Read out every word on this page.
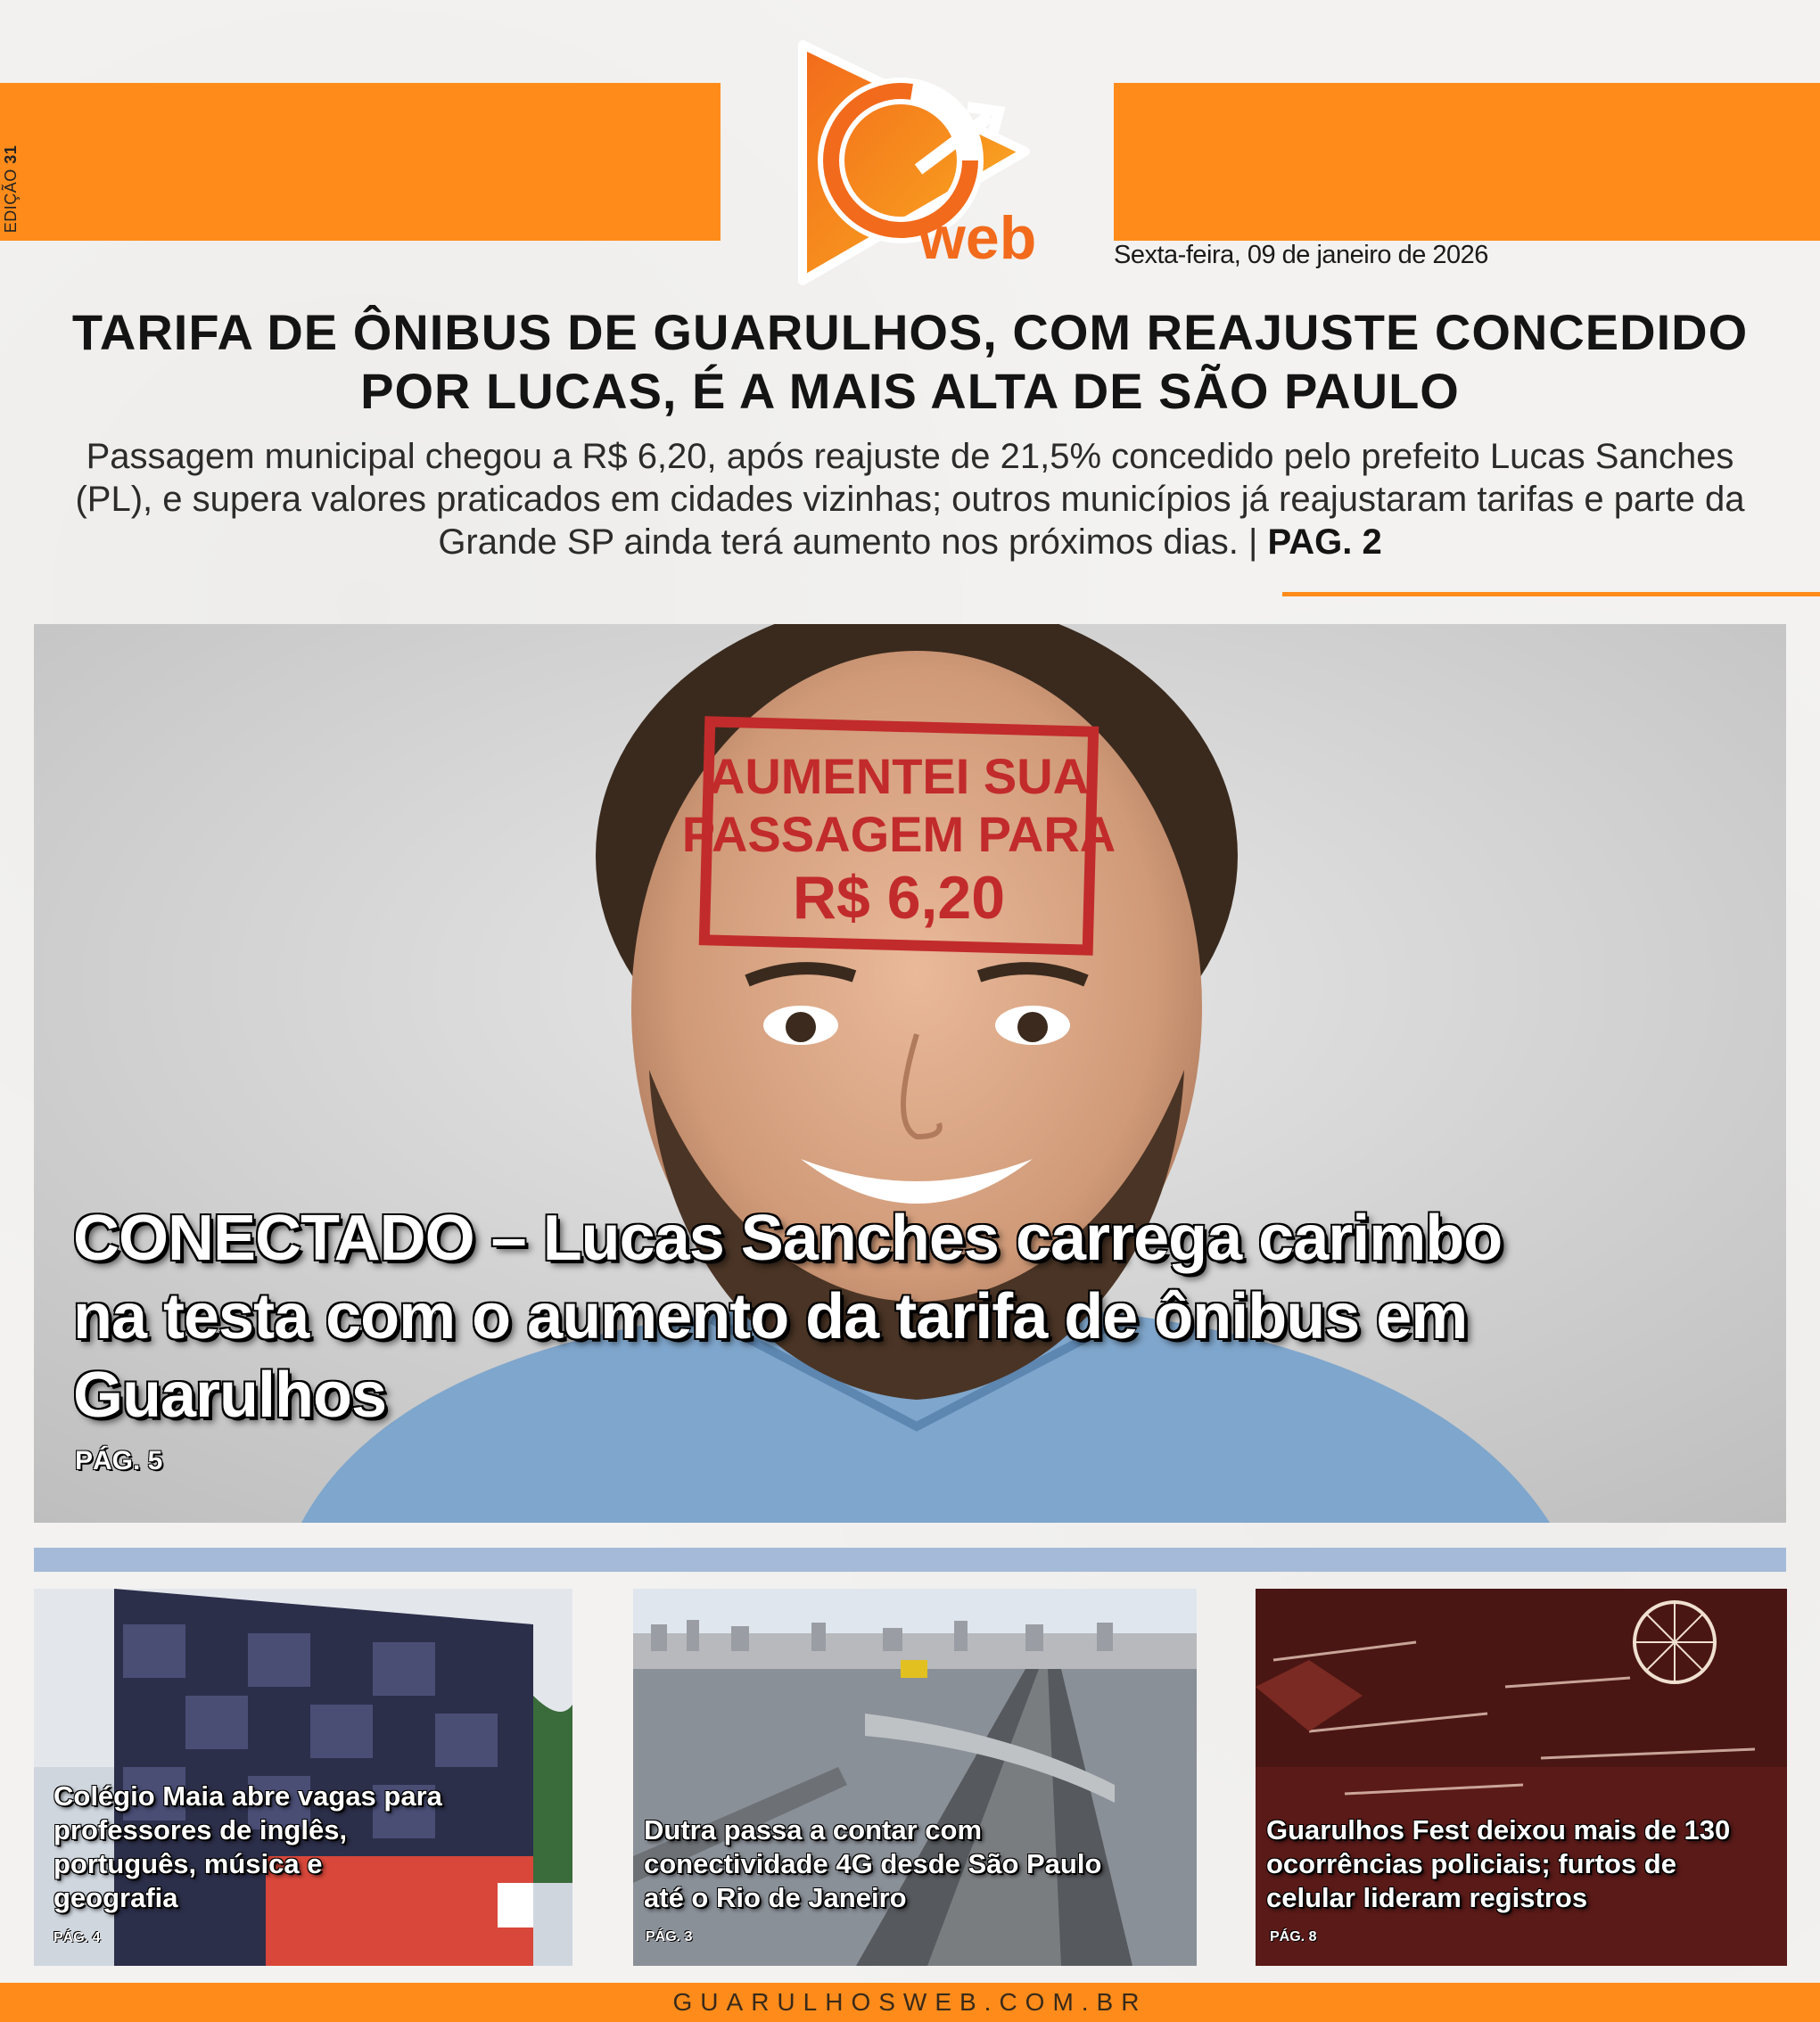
EDIÇÃO 31
web	Sexta-feira, 09 de janeiro de 2026
TARIFA DE ÔNIBUS DE GUARULHOS, COM REAJUSTE CONCEDIDO
POR LUCAS, É A MAIS ALTA DE SÃO PAULO
Passagem municipal chegou a R$ 6,20, após reajuste de 21,5% concedido pelo prefeito Lucas Sanches (PL), e supera valores praticados em cidades vizinhas; outros municípios já reajustaram tarifas e parte da Grande SP ainda terá aumento nos próximos dias. | PAG. 2
AUMENTEI SUA
PASSAGEM PARA
R$ 6,20
CONECTADO – Lucas Sanches carrega carimbo na testa com o aumento da tarifa de ônibus em Guarulhos
PÁG. 5
Colégio Maia abre vagas para professores de inglês, português, música e geografia
PÁG. 4
Dutra passa a contar com conectividade 4G desde São Paulo até o Rio de Janeiro
PÁG. 3
Guarulhos Fest deixou mais de 130 ocorrências policiais; furtos de celular lideram registros
PÁG. 8
GUARULHOSWEB.COM.BR
